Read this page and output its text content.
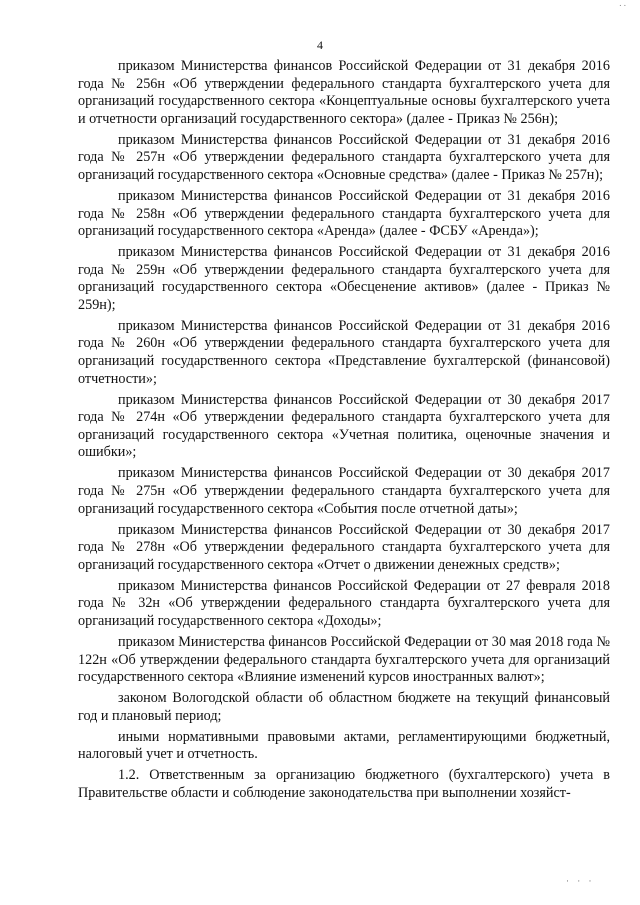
. .
4

приказом Министерства финансов Российской Федерации от 31 декабря 2016 года № 256н «Об утверждении федерального стандарта бухгалтерского учета для организаций государственного сектора «Концептуальные основы бухгалтерского учета и отчетности организаций государственного сектора» (далее - Приказ № 256н);

приказом Министерства финансов Российской Федерации от 31 декабря 2016 года № 257н «Об утверждении федерального стандарта бухгалтерского учета для организаций государственного сектора «Основные средства» (далее - Приказ № 257н);

приказом Министерства финансов Российской Федерации от 31 декабря 2016 года № 258н «Об утверждении федерального стандарта бухгалтерского учета для организаций государственного сектора «Аренда» (далее - ФСБУ «Аренда»);

приказом Министерства финансов Российской Федерации от 31 декабря 2016 года № 259н «Об утверждении федерального стандарта бухгалтерского учета для организаций государственного сектора «Обесценение активов» (далее - Приказ № 259н);

приказом Министерства финансов Российской Федерации от 31 декабря 2016 года № 260н «Об утверждении федерального стандарта бухгалтерского учета для организаций государственного сектора «Представление бухгалтерской (финансовой) отчетности»;

приказом Министерства финансов Российской Федерации от 30 декабря 2017 года № 274н «Об утверждении федерального стандарта бухгалтерского учета для организаций государственного сектора «Учетная политика, оценочные значения и ошибки»;

приказом Министерства финансов Российской Федерации от 30 декабря 2017 года № 275н «Об утверждении федерального стандарта бухгалтерского учета для организаций государственного сектора «События после отчетной даты»;

приказом Министерства финансов Российской Федерации от 30 декабря 2017 года № 278н «Об утверждении федерального стандарта бухгалтерского учета для организаций государственного сектора «Отчет о движении денежных средств»;

приказом Министерства финансов Российской Федерации от 27 февраля 2018 года № 32н «Об утверждении федерального стандарта бухгалтерского учета для организаций государственного сектора «Доходы»;

приказом Министерства финансов Российской Федерации от 30 мая 2018 года № 122н «Об утверждении федерального стандарта бухгалтерского учета для организаций государственного сектора «Влияние изменений курсов иностранных валют»;

законом Вологодской области об областном бюджете на текущий финансовый год и плановый период;

иными нормативными правовыми актами, регламентирующими бюджетный, налоговый учет и отчетность.

1.2. Ответственным за организацию бюджетного (бухгалтерского) учета в Правительстве области и соблюдение законодательства при выполнении хозяйст-

· · ·
